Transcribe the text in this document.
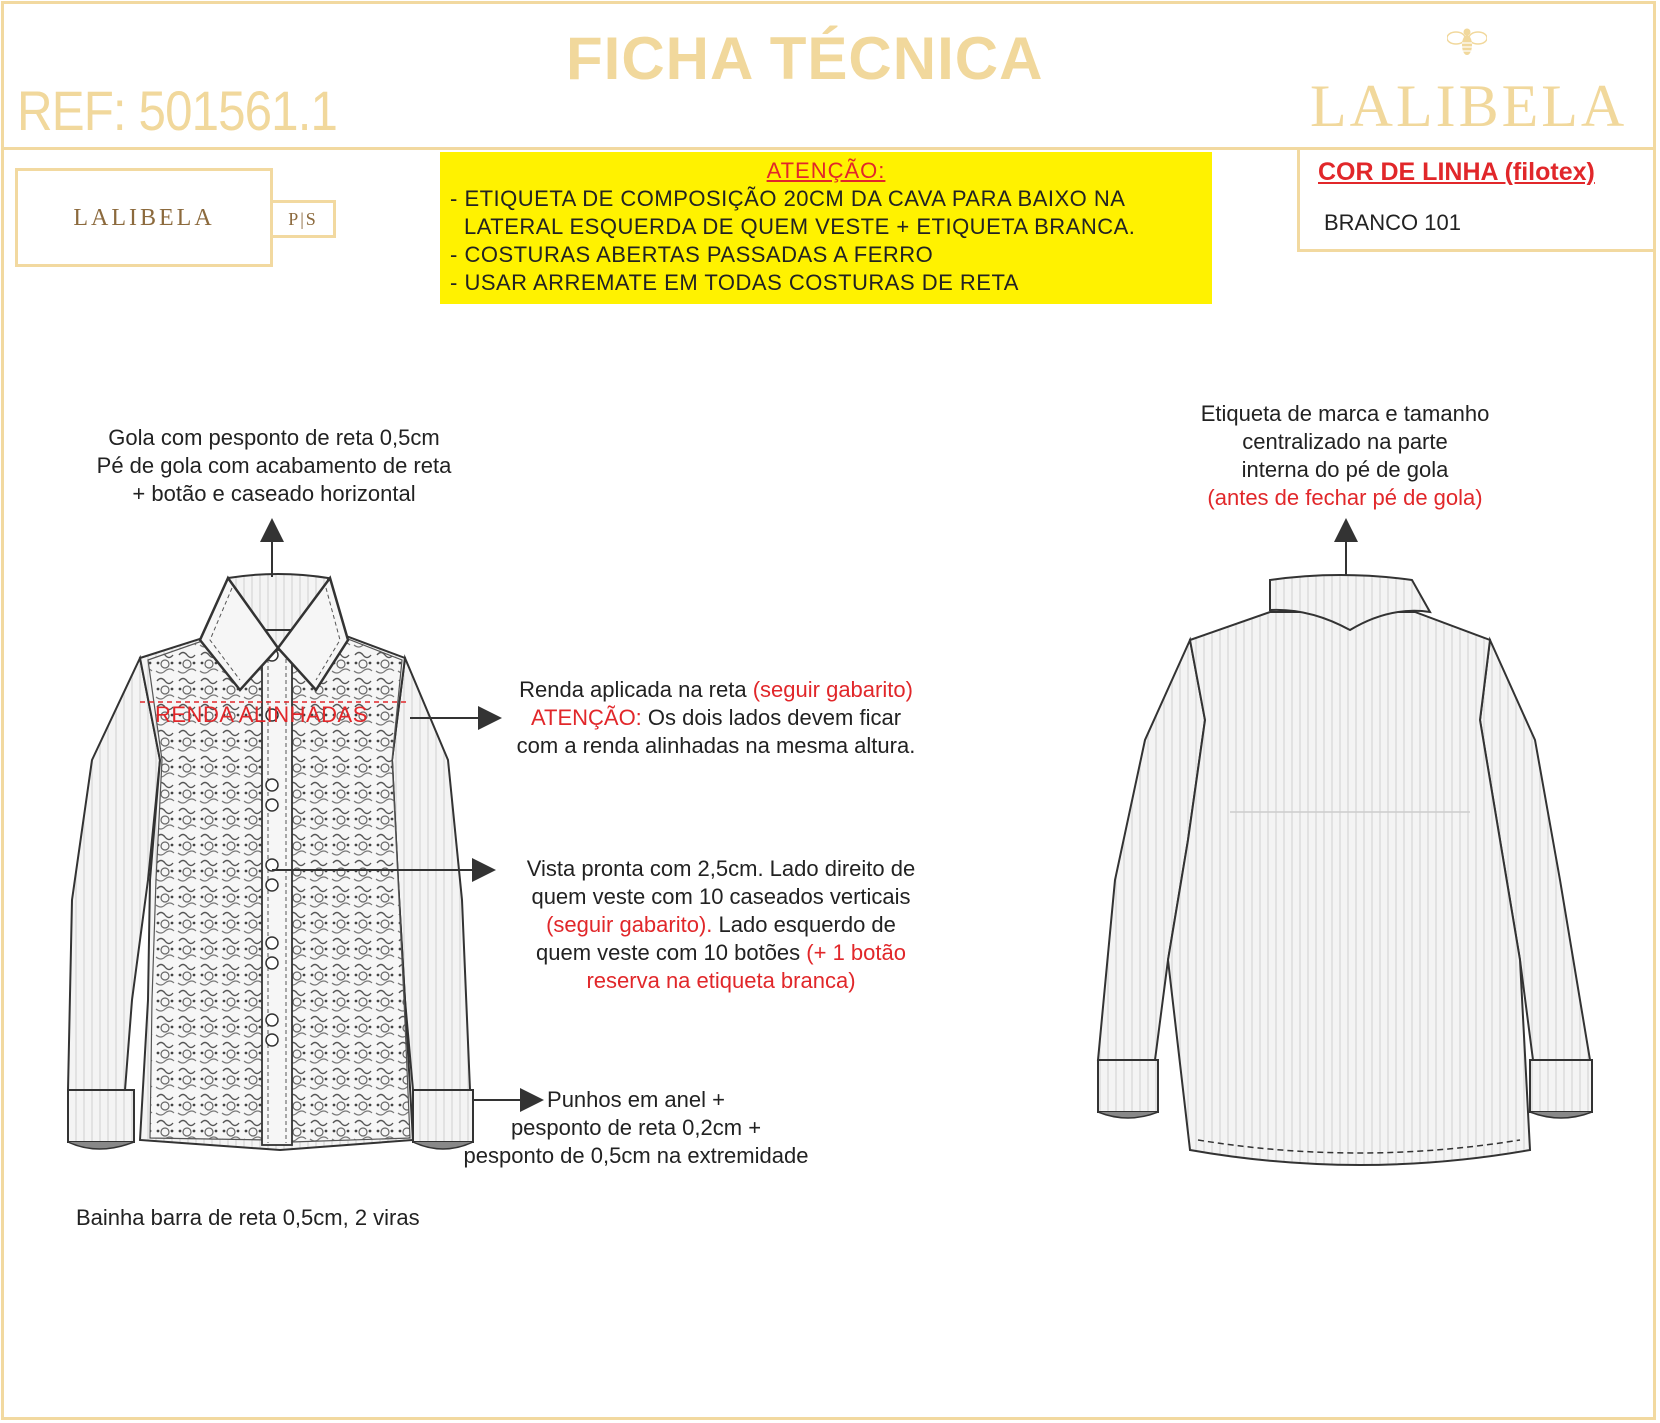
REF: 501561.1
FICHA TÉCNICA
LALIBELA
LALIBELA	P|S
ATENÇÃO:
- ETIQUETA DE COMPOSIÇÃO 20CM DA CAVA PARA BAIXO NA
LATERAL ESQUERDA DE QUEM VESTE + ETIQUETA BRANCA.
- COSTURAS ABERTAS PASSADAS A FERRO
- USAR ARREMATE EM TODAS COSTURAS DE RETA
COR DE LINHA (filotex)
BRANCO 101
RENDA ALINHADAS
Gola com pesponto de reta 0,5cm
Pé de gola com acabamento de reta
+ botão e caseado horizontal
Renda aplicada na reta (seguir gabarito)
ATENÇÃO: Os dois lados devem ficar
com a renda alinhadas na mesma altura.
Vista pronta com 2,5cm. Lado direito de
quem veste com 10 caseados verticais
(seguir gabarito). Lado esquerdo de
quem veste com 10 botões (+ 1 botão
reserva na etiqueta branca)
Punhos em anel +
pesponto de reta 0,2cm +
pesponto de 0,5cm na extremidade
Bainha barra de reta 0,5cm, 2 viras
Etiqueta de marca e tamanho
centralizado na parte
interna do pé de gola
(antes de fechar pé de gola)
